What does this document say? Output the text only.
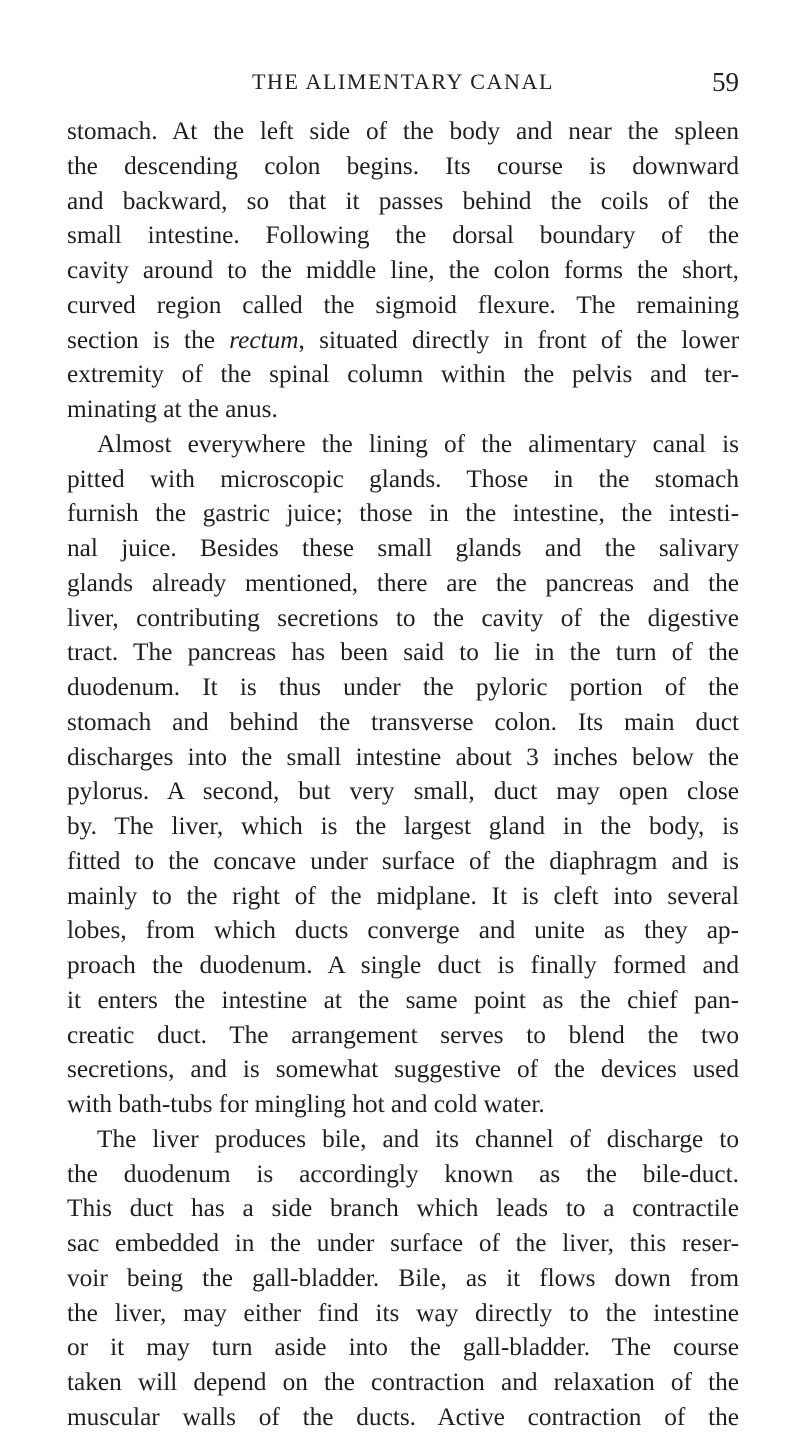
THE ALIMENTARY CANAL	59
stomach. At the left side of the body and near the spleen
the descending colon begins. Its course is downward
and backward, so that it passes behind the coils of the
small intestine. Following the dorsal boundary of the
cavity around to the middle line, the colon forms the short,
curved region called the sigmoid flexure. The remaining
section is the rectum, situated directly in front of the lower
extremity of the spinal column within the pelvis and ter-
minating at the anus.
Almost everywhere the lining of the alimentary canal is
pitted with microscopic glands. Those in the stomach
furnish the gastric juice; those in the intestine, the intesti-
nal juice. Besides these small glands and the salivary
glands already mentioned, there are the pancreas and the
liver, contributing secretions to the cavity of the digestive
tract. The pancreas has been said to lie in the turn of the
duodenum. It is thus under the pyloric portion of the
stomach and behind the transverse colon. Its main duct
discharges into the small intestine about 3 inches below the
pylorus. A second, but very small, duct may open close
by. The liver, which is the largest gland in the body, is
fitted to the concave under surface of the diaphragm and is
mainly to the right of the midplane. It is cleft into several
lobes, from which ducts converge and unite as they ap-
proach the duodenum. A single duct is finally formed and
it enters the intestine at the same point as the chief pan-
creatic duct. The arrangement serves to blend the two
secretions, and is somewhat suggestive of the devices used
with bath-tubs for mingling hot and cold water.
The liver produces bile, and its channel of discharge to
the duodenum is accordingly known as the bile-duct.
This duct has a side branch which leads to a contractile
sac embedded in the under surface of the liver, this reser-
voir being the gall-bladder. Bile, as it flows down from
the liver, may either find its way directly to the intestine
or it may turn aside into the gall-bladder. The course
taken will depend on the contraction and relaxation of the
muscular walls of the ducts. Active contraction of the
